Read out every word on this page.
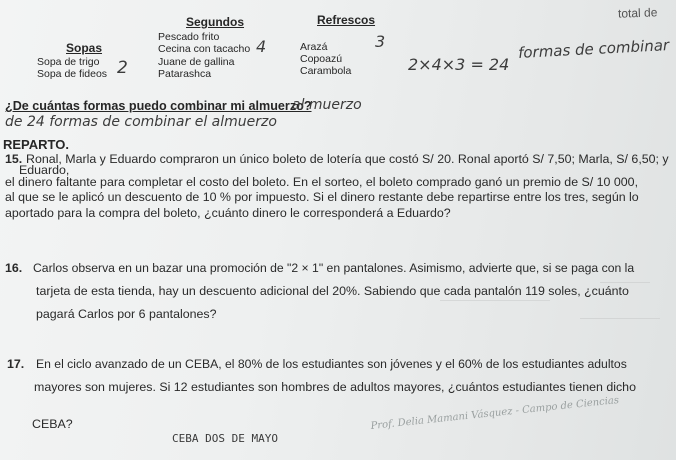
total de
Segundos
Pescado frito
Cecina con tacacho
Juane de gallina
Patarashca
Sopas
Sopa de trigo
Sopa de fideos
Refrescos
Arazá
Copoazú
Carambola
2
4	3
2×4×3 = 24
formas de combinar
¿De cuántas formas puedo combinar mi almuerzo?
al muerzo
de 24 formas de combinar el almuerzo
REPARTO.
15. Ronal, Marla y Eduardo compraron un único boleto de lotería que costó S/ 20. Ronal aportó S/ 7,50; Marla, S/ 6,50; y
Eduardo,
el dinero faltante para completar el costo del boleto. En el sorteo, el boleto comprado ganó un premio de S/ 10 000,
al que se le aplicó un descuento de 10 % por impuesto. Si el dinero restante debe repartirse entre los tres, según lo
aportado para la compra del boleto, ¿cuánto dinero le corresponderá a Eduardo?
16. Carlos observa en un bazar una promoción de "2 × 1" en pantalones. Asimismo, advierte que, si se paga con la
tarjeta de esta tienda, hay un descuento adicional del 20%. Sabiendo que cada pantalón 119 soles, ¿cuánto
pagará Carlos por 6 pantalones?
17. En el ciclo avanzado de un CEBA, el 80% de los estudiantes son jóvenes y el 60% de los estudiantes adultos
mayores son mujeres. Si 12 estudiantes son hombres de adultos mayores, ¿cuántos estudiantes tienen dicho
CEBA?
CEBA DOS DE MAYO
Prof. Delia Mamani Vásquez - Campo de Ciencias
